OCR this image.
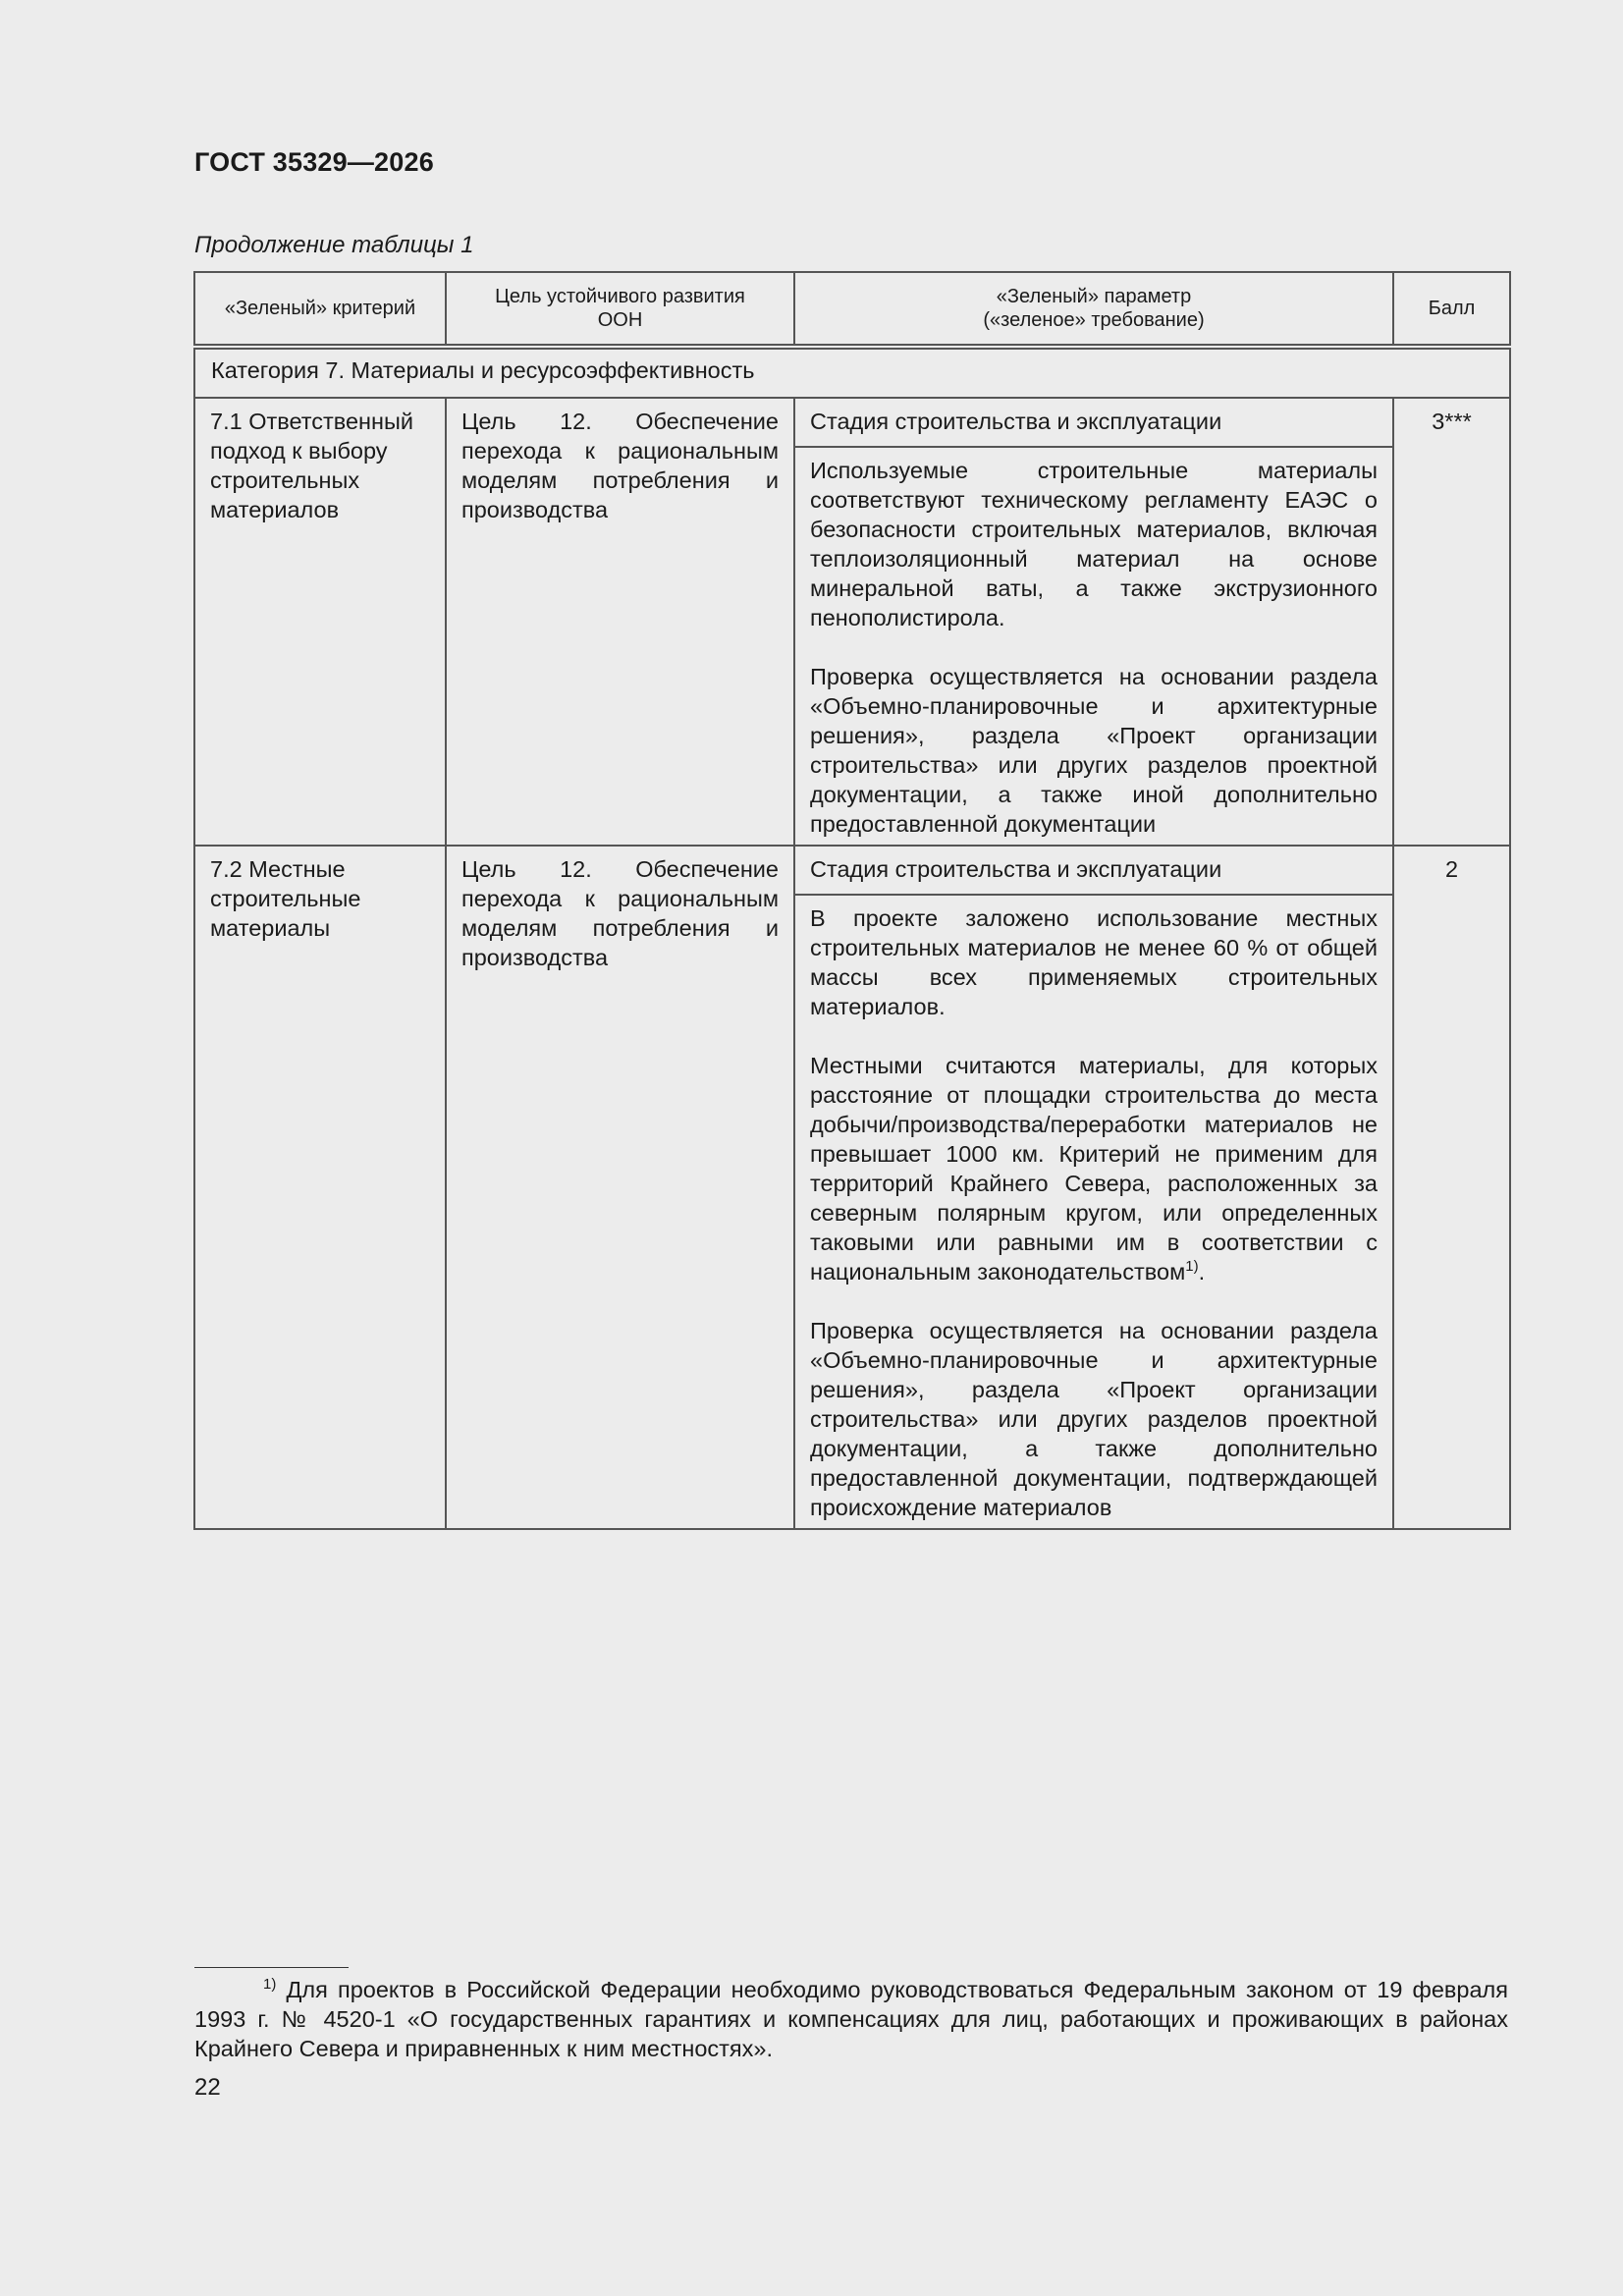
ГОСТ 35329—2026
Продолжение таблицы 1
«Зеленый» критерий	Цель устойчивого развития ООН	«Зеленый» параметр («зеленое» требование)	Балл
Категория 7. Материалы и ресурсоэффективность			
7.1 Ответственный подход к выбору строительных материалов	Цель 12. Обеспечение перехода к рациональным моделям потребления и производства	Стадия строительства и эксплуатации

Используемые строительные материалы соответствуют техническому регламенту ЕАЭС о безопасности строительных материалов, включая теплоизоляционный материал на основе минеральной ваты, а также экструзионного пенополистирола.

Проверка осуществляется на основании раздела «Объемно-планировочные и архитектурные решения», раздела «Проект организации строительства» или других разделов проектной документации, а также иной дополнительно предоставленной документации	3***
7.2 Местные строительные материалы	Цель 12. Обеспечение перехода к рациональным моделям потребления и производства	Стадия строительства и эксплуатации

В проекте заложено использование местных строительных материалов не менее 60 % от общей массы всех применяемых строительных материалов.

Местными считаются материалы, для которых расстояние от площадки строительства до места добычи/производства/переработки материалов не превышает 1000 км. Критерий не применим для территорий Крайнего Севера, расположенных за северным полярным кругом, или определенных таковыми или равными им в соответствии с национальным законодательством$^{1)}$.

Проверка осуществляется на основании раздела «Объемно-планировочные и архитектурные решения», раздела «Проект организации строительства» или других разделов проектной документации, а также дополнительно предоставленной документации, подтверждающей происхождение материалов	2
$^{1)}$ Для проектов в Российской Федерации необходимо руководствоваться Федеральным законом от 19 февраля 1993 г. № 4520-1 «О государственных гарантиях и компенсациях для лиц, работающих и проживающих в районах Крайнего Севера и приравненных к ним местностях».
22
